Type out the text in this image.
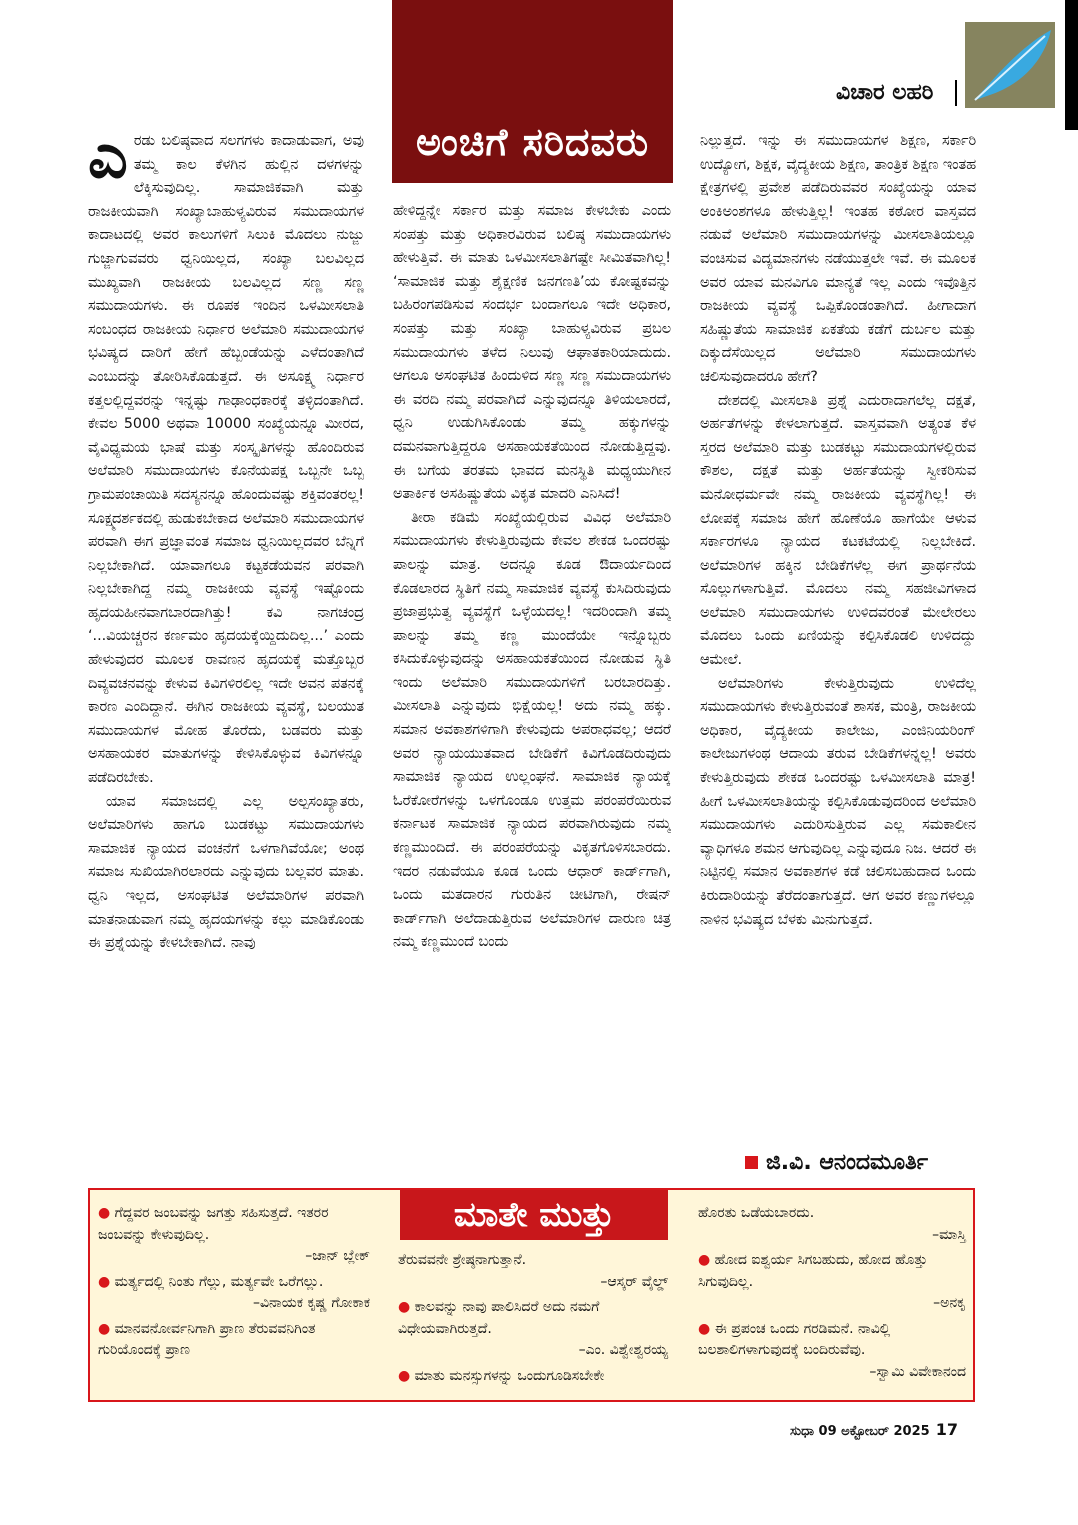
ವಿಚಾರ ಲಹರಿ
ಅಂಚಿಗೆ ಸರಿದವರು

ಎರಡು ಬಲಿಷ್ಠವಾದ ಸಲಗಗಳು ಕಾದಾಡುವಾಗ, ಅವು ತಮ್ಮ ಕಾಲ ಕೆಳಗಿನ ಹುಲ್ಲಿನ ದಳಗಳನ್ನು ಲೆಕ್ಕಿಸುವುದಿಲ್ಲ. ಸಾಮಾಜಿಕವಾಗಿ ಮತ್ತು ರಾಜಕೀಯವಾಗಿ ಸಂಖ್ಯಾಬಾಹುಳ್ಯವಿರುವ ಸಮುದಾಯಗಳ ಕಾದಾಟದಲ್ಲಿ ಅವರ ಕಾಲುಗಳಿಗೆ ಸಿಲುಕಿ ಮೊದಲು ನುಜ್ಜು ಗುಜ್ಜಾಗುವವರು ಧ್ವನಿಯಿಲ್ಲದ, ಸಂಖ್ಯಾ ಬಲವಿಲ್ಲದ ಮುಖ್ಯವಾಗಿ ರಾಜಕೀಯ ಬಲವಿಲ್ಲದ ಸಣ್ಣ ಸಣ್ಣ ಸಮುದಾಯಗಳು. ಈ ರೂಪಕ ಇಂದಿನ ಒಳಮೀಸಲಾತಿ ಸಂಬಂಧದ ರಾಜಕೀಯ ನಿರ್ಧಾರ ಅಲೆಮಾರಿ ಸಮುದಾಯಗಳ ಭವಿಷ್ಯದ ದಾರಿಗೆ ಹೇಗೆ ಹೆಬ್ಬಂಡೆಯನ್ನು ಎಳೆದಂತಾಗಿದೆ ಎಂಬುದನ್ನು ತೋರಿಸಿಕೊಡುತ್ತದೆ. ಈ ಅಸೂಕ್ಷ್ಮ ನಿರ್ಧಾರ ಕತ್ತಲಲ್ಲಿದ್ದವರನ್ನು ಇನ್ನಷ್ಟು ಗಾಢಾಂಧಕಾರಕ್ಕೆ ತಳ್ಳಿದಂತಾಗಿದೆ. ಕೇವಲ 5000 ಅಥವಾ 10000 ಸಂಖ್ಯೆಯನ್ನೂ ಮೀರದ, ವೈವಿಧ್ಯಮಯ ಭಾಷೆ ಮತ್ತು ಸಂಸ್ಕೃತಿಗಳನ್ನು ಹೊಂದಿರುವ ಅಲೆಮಾರಿ ಸಮುದಾಯಗಳು ಕೊನೆಯಪಕ್ಷ ಒಬ್ಬನೇ ಒಬ್ಬ ಗ್ರಾಮಪಂಚಾಯಿತಿ ಸದಸ್ಯನನ್ನೂ ಹೊಂದುವಷ್ಟು ಶಕ್ತಿವಂತರಲ್ಲ! ಸೂಕ್ಷ್ಮದರ್ಶಕದಲ್ಲಿ ಹುಡುಕಬೇಕಾದ ಅಲೆಮಾರಿ ಸಮುದಾಯಗಳ ಪರವಾಗಿ ಈಗ ಪ್ರಜ್ಞಾವಂತ ಸಮಾಜ ಧ್ವನಿಯಿಲ್ಲದವರ ಬೆನ್ನಿಗೆ ನಿಲ್ಲಬೇಕಾಗಿದೆ. ಯಾವಾಗಲೂ ಕಟ್ಟಕಡೆಯವನ ಪರವಾಗಿ ನಿಲ್ಲಬೇಕಾಗಿದ್ದ ನಮ್ಮ ರಾಜಕೀಯ ವ್ಯವಸ್ಥೆ ಇಷ್ಟೊಂದು ಹೃದಯಹೀನವಾಗಬಾರದಾಗಿತ್ತು! ಕವಿ ನಾಗಚಂದ್ರ ‘...ವಿಯಚ್ಚರನ ಕರ್ಣಮಂ ಹೃದಯಕ್ಕೆಯ್ದಿದುದಿಲ್ಲ...’ ಎಂದು ಹೇಳುವುದರ ಮೂಲಕ ರಾವಣನ ಹೃದಯಕ್ಕೆ ಮತ್ತೊಬ್ಬರ ದಿವ್ಯವಚನವನ್ನು ಕೇಳುವ ಕಿವಿಗಳಿರಲಿಲ್ಲ ಇದೇ ಅವನ ಪತನಕ್ಕೆ ಕಾರಣ ಎಂದಿದ್ದಾನೆ. ಈಗಿನ ರಾಜಕೀಯ ವ್ಯವಸ್ಥೆ, ಬಲಯುತ ಸಮುದಾಯಗಳ ಮೋಹ ತೊರೆದು, ಬಡವರು ಮತ್ತು ಅಸಹಾಯಕರ ಮಾತುಗಳನ್ನು ಕೇಳಿಸಿಕೊಳ್ಳುವ ಕಿವಿಗಳನ್ನೂ ಪಡೆದಿರಬೇಕು.

ಯಾವ ಸಮಾಜದಲ್ಲಿ ಎಲ್ಲ ಅಲ್ಪಸಂಖ್ಯಾತರು, ಅಲೆಮಾರಿಗಳು ಹಾಗೂ ಬುಡಕಟ್ಟು ಸಮುದಾಯಗಳು ಸಾಮಾಜಿಕ ನ್ಯಾಯದ ವಂಚನೆಗೆ ಒಳಗಾಗಿವೆಯೋ; ಅಂಥ ಸಮಾಜ ಸುಖಿಯಾಗಿರಲಾರದು ಎನ್ನುವುದು ಬಲ್ಲವರ ಮಾತು. ಧ್ವನಿ ಇಲ್ಲದ, ಅಸಂಘಟಿತ ಅಲೆಮಾರಿಗಳ ಪರವಾಗಿ ಮಾತನಾಡುವಾಗ ನಮ್ಮ ಹೃದಯಗಳನ್ನು ಕಲ್ಲು ಮಾಡಿಕೊಂಡು ಈ ಪ್ರಶ್ನೆಯನ್ನು ಕೇಳಬೇಕಾಗಿದೆ. ನಾವು

ಹೇಳಿದ್ದನ್ನೇ ಸರ್ಕಾರ ಮತ್ತು ಸಮಾಜ ಕೇಳಬೇಕು ಎಂದು ಸಂಪತ್ತು ಮತ್ತು ಅಧಿಕಾರವಿರುವ ಬಲಿಷ್ಠ ಸಮುದಾಯಗಳು ಹೇಳುತ್ತಿವೆ. ಈ ಮಾತು ಒಳಮೀಸಲಾತಿಗಷ್ಟೇ ಸೀಮಿತವಾಗಿಲ್ಲ! ‘ಸಾಮಾಜಿಕ ಮತ್ತು ಶೈಕ್ಷಣಿಕ ಜನಗಣತಿ’ಯ ಕೋಷ್ಟಕವನ್ನು ಬಹಿರಂಗಪಡಿಸುವ ಸಂದರ್ಭ ಬಂದಾಗಲೂ ಇದೇ ಅಧಿಕಾರ, ಸಂಪತ್ತು ಮತ್ತು ಸಂಖ್ಯಾ ಬಾಹುಳ್ಯವಿರುವ ಪ್ರಬಲ ಸಮುದಾಯಗಳು ತಳೆದ ನಿಲುವು ಆಘಾತಕಾರಿಯಾದುದು. ಆಗಲೂ ಅಸಂಘಟಿತ ಹಿಂದುಳಿದ ಸಣ್ಣ ಸಣ್ಣ ಸಮುದಾಯಗಳು ಈ ವರದಿ ನಮ್ಮ ಪರವಾಗಿದೆ ಎನ್ನುವುದನ್ನೂ ತಿಳಿಯಲಾರದೆ, ಧ್ವನಿ ಉಡುಗಿಸಿಕೊಂಡು ತಮ್ಮ ಹಕ್ಕುಗಳನ್ನು ದಮನವಾಗುತ್ತಿದ್ದರೂ ಅಸಹಾಯಕತೆಯಿಂದ ನೋಡುತ್ತಿದ್ದವು. ಈ ಬಗೆಯ ತರತಮ ಭಾವದ ಮನಸ್ಥಿತಿ ಮಧ್ಯಯುಗೀನ ಅತಾರ್ಕಿಕ ಅಸಹಿಷ್ಣುತೆಯ ವಿಕೃತ ಮಾದರಿ ಎನಿಸಿದೆ!

ತೀರಾ ಕಡಿಮೆ ಸಂಖ್ಯೆಯಲ್ಲಿರುವ ವಿವಿಧ ಅಲೆಮಾರಿ ಸಮುದಾಯಗಳು ಕೇಳುತ್ತಿರುವುದು ಕೇವಲ ಶೇಕಡ ಒಂದರಷ್ಟು ಪಾಲನ್ನು ಮಾತ್ರ. ಅದನ್ನೂ ಕೂಡ ಔದಾರ್ಯದಿಂದ ಕೊಡಲಾರದ ಸ್ಥಿತಿಗೆ ನಮ್ಮ ಸಾಮಾಜಿಕ ವ್ಯವಸ್ಥೆ ಕುಸಿದಿರುವುದು ಪ್ರಜಾಪ್ರಭುತ್ವ ವ್ಯವಸ್ಥೆಗೆ ಒಳ್ಳೆಯದಲ್ಲ! ಇದರಿಂದಾಗಿ ತಮ್ಮ ಪಾಲನ್ನು ತಮ್ಮ ಕಣ್ಣ ಮುಂದೆಯೇ ಇನ್ನೊಬ್ಬರು ಕಸಿದುಕೊಳ್ಳುವುದನ್ನು ಅಸಹಾಯಕತೆಯಿಂದ ನೋಡುವ ಸ್ಥಿತಿ ಇಂದು ಅಲೆಮಾರಿ ಸಮುದಾಯಗಳಿಗೆ ಬರಬಾರದಿತ್ತು. ಮೀಸಲಾತಿ ಎನ್ನುವುದು ಭಿಕ್ಷೆಯಲ್ಲ! ಅದು ನಮ್ಮ ಹಕ್ಕು. ಸಮಾನ ಅವಕಾಶಗಳಿಗಾಗಿ ಕೇಳುವುದು ಅಪರಾಧವಲ್ಲ; ಆದರೆ ಅವರ ನ್ಯಾಯಯುತವಾದ ಬೇಡಿಕೆಗೆ ಕಿವಿಗೊಡದಿರುವುದು ಸಾಮಾಜಿಕ ನ್ಯಾಯದ ಉಲ್ಲಂಘನೆ. ಸಾಮಾಜಿಕ ನ್ಯಾಯಕ್ಕೆ ಓರೆಕೋರೆಗಳನ್ನು ಒಳಗೊಂಡೂ ಉತ್ತಮ ಪರಂಪರೆಯಿರುವ ಕರ್ನಾಟಕ ಸಾಮಾಜಿಕ ನ್ಯಾಯದ ಪರವಾಗಿರುವುದು ನಮ್ಮ ಕಣ್ಣಮುಂದಿದೆ. ಈ ಪರಂಪರೆಯನ್ನು ವಿಕೃತಗೊಳಿಸಬಾರದು. ಇದರ ನಡುವೆಯೂ ಕೂಡ ಒಂದು ಆಧಾರ್ ಕಾರ್ಡ್‌ಗಾಗಿ, ಒಂದು ಮತದಾರನ ಗುರುತಿನ ಚೀಟಿಗಾಗಿ, ರೇಷನ್ ಕಾರ್ಡ್‌ಗಾಗಿ ಅಲೆದಾಡುತ್ತಿರುವ ಅಲೆಮಾರಿಗಳ ದಾರುಣ ಚಿತ್ರ ನಮ್ಮ ಕಣ್ಣಮುಂದೆ ಬಂದು

ನಿಲ್ಲುತ್ತದೆ. ಇನ್ನು ಈ ಸಮುದಾಯಗಳ ಶಿಕ್ಷಣ, ಸರ್ಕಾರಿ ಉದ್ಯೋಗ, ಶಿಕ್ಷಕ, ವೈದ್ಯಕೀಯ ಶಿಕ್ಷಣ, ತಾಂತ್ರಿಕ ಶಿಕ್ಷಣ ಇಂತಹ ಕ್ಷೇತ್ರಗಳಲ್ಲಿ ಪ್ರವೇಶ ಪಡೆದಿರುವವರ ಸಂಖ್ಯೆಯನ್ನು ಯಾವ ಅಂಕಿಅಂಶಗಳೂ ಹೇಳುತ್ತಿಲ್ಲ! ಇಂತಹ ಕಠೋರ ವಾಸ್ತವದ ನಡುವೆ ಅಲೆಮಾರಿ ಸಮುದಾಯಗಳನ್ನು ಮೀಸಲಾತಿಯಲ್ಲೂ ವಂಚಿಸುವ ವಿದ್ಯಮಾನಗಳು ನಡೆಯುತ್ತಲೇ ಇವೆ. ಈ ಮೂಲಕ ಅವರ ಯಾವ ಮನವಿಗೂ ಮಾನ್ಯತೆ ಇಲ್ಲ ಎಂದು ಇವೊತ್ತಿನ ರಾಜಕೀಯ ವ್ಯವಸ್ಥೆ ಒಪ್ಪಿಕೊಂಡಂತಾಗಿದೆ. ಹೀಗಾದಾಗ ಸಹಿಷ್ಣುತೆಯ ಸಾಮಾಜಿಕ ಏಕತೆಯ ಕಡೆಗೆ ದುರ್ಬಲ ಮತ್ತು ದಿಕ್ಕುದೆಸೆಯಿಲ್ಲದ ಅಲೆಮಾರಿ ಸಮುದಾಯಗಳು ಚಲಿಸುವುದಾದರೂ ಹೇಗೆ?

ದೇಶದಲ್ಲಿ ಮೀಸಲಾತಿ ಪ್ರಶ್ನೆ ಎದುರಾದಾಗಲೆಲ್ಲ ದಕ್ಷತೆ, ಅರ್ಹತೆಗಳನ್ನು ಕೇಳಲಾಗುತ್ತದೆ. ವಾಸ್ತವವಾಗಿ ಅತ್ಯಂತ ಕೆಳ ಸ್ತರದ ಅಲೆಮಾರಿ ಮತ್ತು ಬುಡಕಟ್ಟು ಸಮುದಾಯಗಳಲ್ಲಿರುವ ಕೌಶಲ, ದಕ್ಷತೆ ಮತ್ತು ಅರ್ಹತೆಯನ್ನು ಸ್ವೀಕರಿಸುವ ಮನೋಧರ್ಮವೇ ನಮ್ಮ ರಾಜಕೀಯ ವ್ಯವಸ್ಥೆಗಿಲ್ಲ! ಈ ಲೋಪಕ್ಕೆ ಸಮಾಜ ಹೇಗೆ ಹೊಣೆಯೊ ಹಾಗೆಯೇ ಆಳುವ ಸರ್ಕಾರಗಳೂ ನ್ಯಾಯದ ಕಟಕಟೆಯಲ್ಲಿ ನಿಲ್ಲಬೇಕಿದೆ. ಅಲೆಮಾರಿಗಳ ಹಕ್ಕಿನ ಬೇಡಿಕೆಗಳೆಲ್ಲ ಈಗ ಪ್ರಾರ್ಥನೆಯ ಸೊಲ್ಲುಗಳಾಗುತ್ತಿವೆ. ಮೊದಲು ನಮ್ಮ ಸಹಜೀವಿಗಳಾದ ಅಲೆಮಾರಿ ಸಮುದಾಯಗಳು ಉಳಿದವರಂತೆ ಮೇಲೇರಲು ಮೊದಲು ಒಂದು ಏಣಿಯನ್ನು ಕಲ್ಪಿಸಿಕೊಡಲಿ ಉಳಿದದ್ದು ಆಮೇಲೆ.

ಅಲೆಮಾರಿಗಳು ಕೇಳುತ್ತಿರುವುದು ಉಳಿದೆಲ್ಲ ಸಮುದಾಯಗಳು ಕೇಳುತ್ತಿರುವಂತೆ ಶಾಸಕ, ಮಂತ್ರಿ, ರಾಜಕೀಯ ಅಧಿಕಾರ, ವೈದ್ಯಕೀಯ ಕಾಲೇಜು, ಎಂಜಿನಿಯರಿಂಗ್ ಕಾಲೇಜುಗಳಂಥ ಆದಾಯ ತರುವ ಬೇಡಿಕೆಗಳನ್ನಲ್ಲ! ಅವರು ಕೇಳುತ್ತಿರುವುದು ಶೇಕಡ ಒಂದರಷ್ಟು ಒಳಮೀಸಲಾತಿ ಮಾತ್ರ! ಹೀಗೆ ಒಳಮೀಸಲಾತಿಯನ್ನು ಕಲ್ಪಿಸಿಕೊಡುವುದರಿಂದ ಅಲೆಮಾರಿ ಸಮುದಾಯಗಳು ಎದುರಿಸುತ್ತಿರುವ ಎಲ್ಲ ಸಮಕಾಲೀನ ವ್ಯಾಧಿಗಳೂ ಶಮನ ಆಗುವುದಿಲ್ಲ ಎನ್ನುವುದೂ ನಿಜ. ಆದರೆ ಈ ನಿಟ್ಟಿನಲ್ಲಿ ಸಮಾನ ಅವಕಾಶಗಳ ಕಡೆ ಚಲಿಸಬಹುದಾದ ಒಂದು ಕಿರುದಾರಿಯನ್ನು ತೆರೆದಂತಾಗುತ್ತದೆ. ಆಗ ಅವರ ಕಣ್ಣುಗಳಲ್ಲೂ ನಾಳಿನ ಭವಿಷ್ಯದ ಬೆಳಕು ಮಿನುಗುತ್ತದೆ.

ಜಿ.ವಿ. ಆನಂದಮೂರ್ತಿ
ಮಾತೇ ಮುತ್ತು
● ಗೆದ್ದವರ ಜಂಬವನ್ನು ಜಗತ್ತು ಸಹಿಸುತ್ತದೆ. ಇತರರ ಜಂಬವನ್ನು ಕೇಳುವುದಿಲ್ಲ.
–ಜಾನ್ ಬ್ಲೇಕ್
● ಮರ್ತ್ಯದಲ್ಲಿ ನಿಂತು ಗೆಲ್ಲು, ಮರ್ತ್ಯವೇ ಒರೆಗಲ್ಲು.
–ವಿನಾಯಕ ಕೃಷ್ಣ ಗೋಕಾಕ
● ಮಾನವನೋರ್ವನಿಗಾಗಿ ಪ್ರಾಣ ತೆರುವವನಿಗಿಂತ ಗುರಿಯೊಂದಕ್ಕೆ ಪ್ರಾಣ
ತೆರುವವನೇ ಶ್ರೇಷ್ಠನಾಗುತ್ತಾನೆ.
–ಆಸ್ಕರ್ ವೈಲ್ಡ್
● ಕಾಲವನ್ನು ನಾವು ಪಾಲಿಸಿದರೆ ಅದು ನಮಗೆ ವಿಧೇಯವಾಗಿರುತ್ತದೆ.
–ಎಂ. ವಿಶ್ವೇಶ್ವರಯ್ಯ
● ಮಾತು ಮನಸ್ಸುಗಳನ್ನು ಒಂದುಗೂಡಿಸಬೇಕೇ
ಹೊರತು ಒಡೆಯಬಾರದು.
–ಮಾಸ್ತಿ
● ಹೋದ ಐಶ್ವರ್ಯ ಸಿಗಬಹುದು, ಹೋದ ಹೊತ್ತು ಸಿಗುವುದಿಲ್ಲ.
–ಅನಕೃ
● ಈ ಪ್ರಪಂಚ ಒಂದು ಗರಡಿಮನೆ. ನಾವಿಲ್ಲಿ ಬಲಶಾಲಿಗಳಾಗುವುದಕ್ಕೆ ಬಂದಿರುವೆವು.
–ಸ್ವಾಮಿ ವಿವೇಕಾನಂದ
ಸುಧಾ 09 ಅಕ್ಟೋಬರ್ 2025 17
